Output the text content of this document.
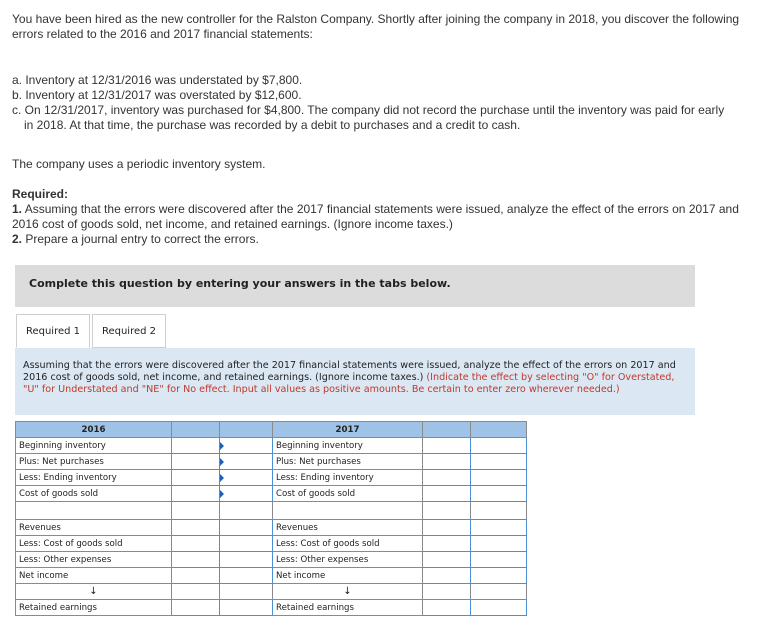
You have been hired as the new controller for the Ralston Company. Shortly after joining the company in 2018, you discover the following errors related to the 2016 and 2017 financial statements:
a. Inventory at 12/31/2016 was understated by $7,800.
b. Inventory at 12/31/2017 was overstated by $12,600.
c. On 12/31/2017, inventory was purchased for $4,800. The company did not record the purchase until the inventory was paid for early
in 2018. At that time, the purchase was recorded by a debit to purchases and a credit to cash.
The company uses a periodic inventory system.
Required:
1. Assuming that the errors were discovered after the 2017 financial statements were issued, analyze the effect of the errors on 2017 and 2016 cost of goods sold, net income, and retained earnings. (Ignore income taxes.)
2. Prepare a journal entry to correct the errors.
Complete this question by entering your answers in the tabs below.
Required 1	Required 2
Assuming that the errors were discovered after the 2017 financial statements were issued, analyze the effect of the errors on 2017 and 2016 cost of goods sold, net income, and retained earnings. (Ignore income taxes.) (Indicate the effect by selecting "O" for Overstated, "U" for Understated and "NE" for No effect. Input all values as positive amounts. Be certain to enter zero wherever needed.)
2016			2017		
Beginning inventory			Beginning inventory		
Plus: Net purchases			Plus: Net purchases		
Less: Ending inventory			Less: Ending inventory		
Cost of goods sold			Cost of goods sold		

Revenues			Revenues		
Less: Cost of goods sold			Less: Cost of goods sold		
Less: Other expenses			Less: Other expenses		
Net income			Net income		
↓			↓		
Retained earnings			Retained earnings		
